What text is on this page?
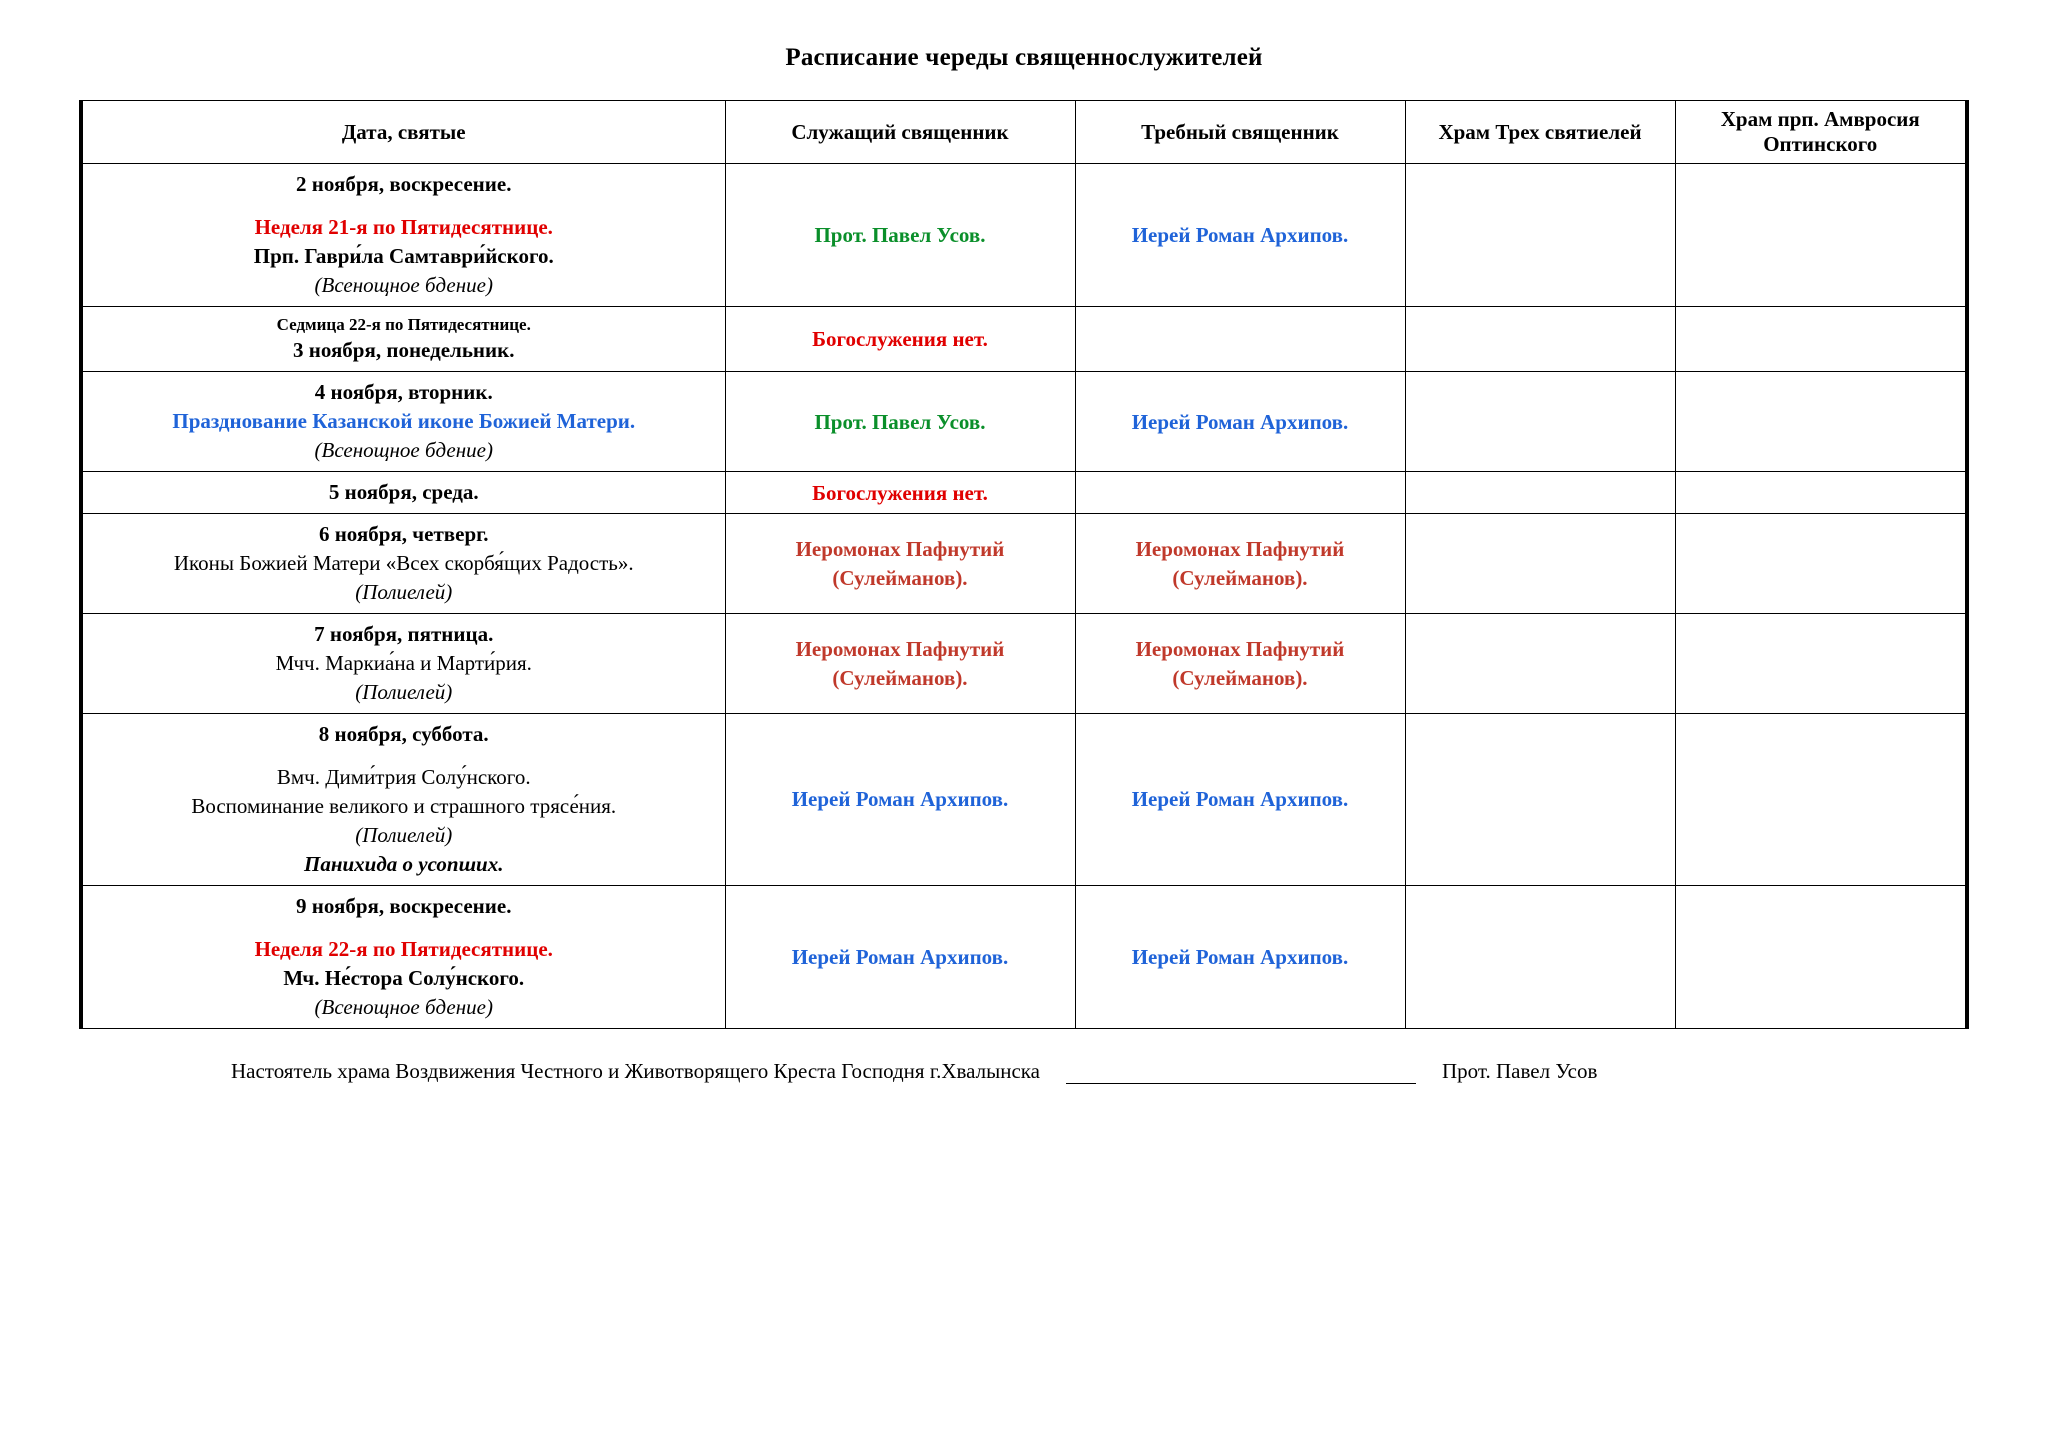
Расписание череды священнослужителей
Дата, святые	Служащий священник	Требный священник	Храм Трех святиелей	Храм прп. Амвросия Оптинского

2 ноября, воскресение.
Неделя 21-я по Пятидесятнице.
Прп. Гаври́ла Самтаври́йского.
(Всенощное бдение)	Прот. Павел Усов.	Иерей Роман Архипов.		

Седмица 22-я по Пятидесятнице.
3 ноября, понедельник.	Богослужения нет.			

4 ноября, вторник.
Празднование Казанской иконе Божией Матери.
(Всенощное бдение)	Прот. Павел Усов.	Иерей Роман Архипов.		

5 ноября, среда.	Богослужения нет.			

6 ноября, четверг.
Иконы Божией Матери «Всех скорбя́щих Радость».
(Полиелей)	Иеромонах Пафнутий (Сулейманов).	Иеромонах Пафнутий (Сулейманов).		

7 ноября, пятница.
Мчч. Маркиа́на и Марти́рия.
(Полиелей)	Иеромонах Пафнутий (Сулейманов).	Иеромонах Пафнутий (Сулейманов).		

8 ноября, суббота.
Вмч. Дими́трия Солу́нского.
Воспоминание великого и страшного трясе́ния.
(Полиелей)
Панихида о усопших.	Иерей Роман Архипов.	Иерей Роман Архипов.		

9 ноября, воскресение.
Неделя 22-я по Пятидесятнице.
Мч. Не́стора Солу́нского.
(Всенощное бдение)	Иерей Роман Архипов.	Иерей Роман Архипов.		
Настоятель храма Воздвижения Честного и Животворящего Креста Господня г.Хвалынска	Прот. Павел Усов
